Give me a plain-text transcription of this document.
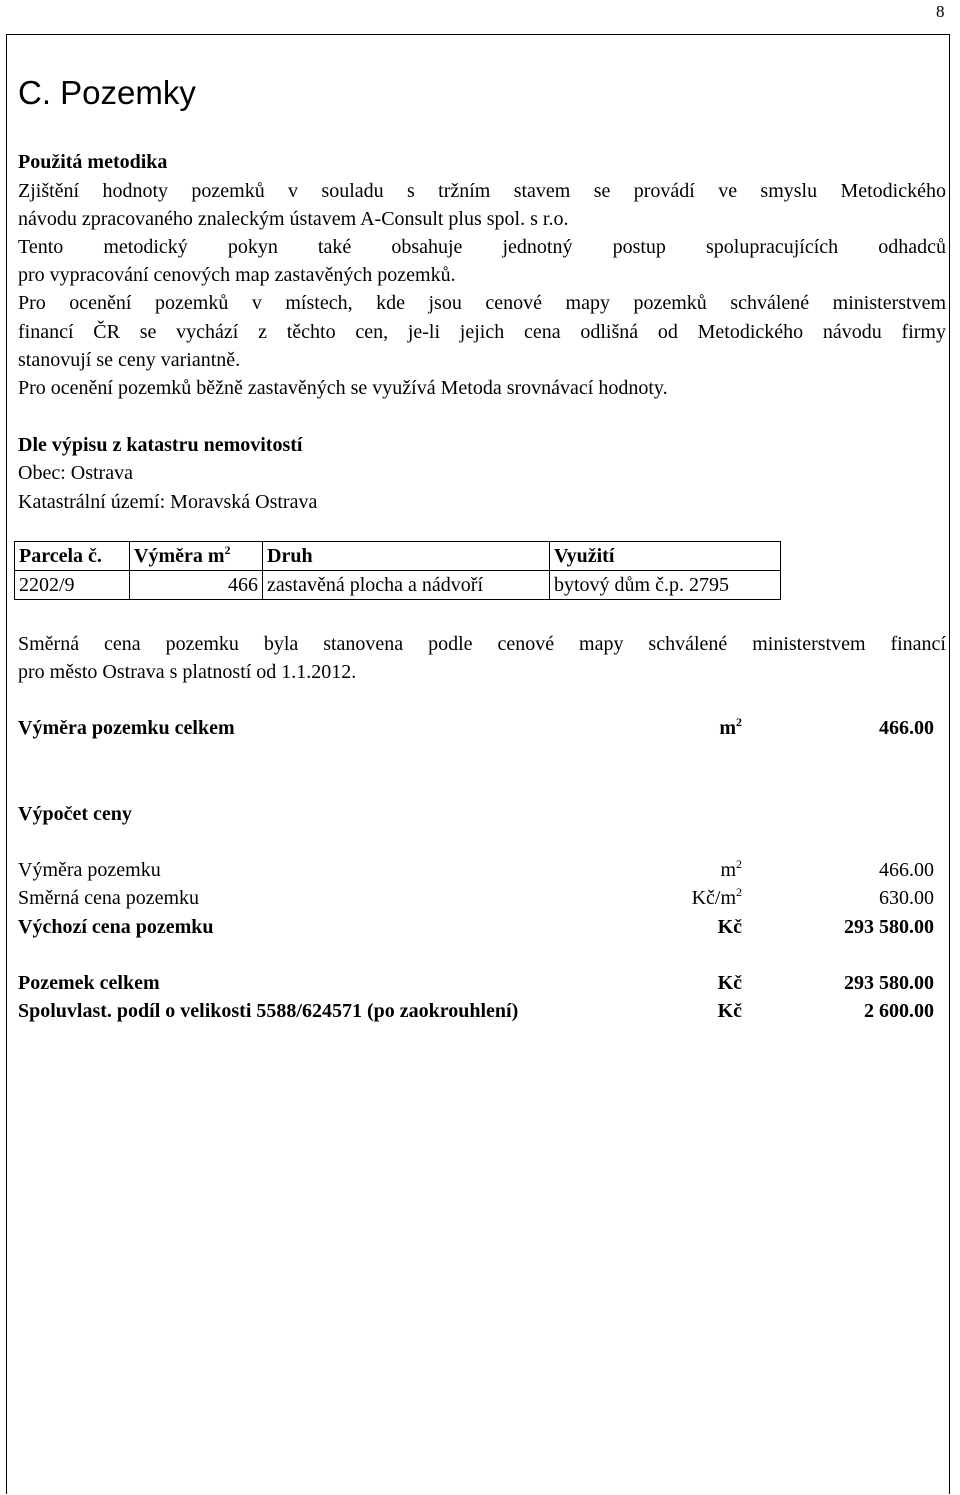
8
C. Pozemky
Použitá metodika
Zjištění hodnoty pozemků v souladu s tržním stavem se provádí ve smyslu Metodického
návodu zpracovaného znaleckým ústavem A-Consult plus spol. s r.o.
Tento metodický pokyn také obsahuje jednotný postup spolupracujících odhadců
pro vypracování cenových map zastavěných pozemků.
Pro ocenění pozemků v místech, kde jsou cenové mapy pozemků schválené ministerstvem
financí ČR se vychází z těchto cen, je-li jejich cena odlišná od Metodického návodu firmy
stanovují se ceny variantně.
Pro ocenění pozemků běžně zastavěných se využívá Metoda srovnávací hodnoty.
Dle výpisu z katastru nemovitostí
Obec: Ostrava
Katastrální území: Moravská Ostrava
Parcela č.	Výměra $m^2$	Druh	Využití
2202/9	466	zastavěná plocha a nádvoří	bytový dům č.p. 2795
Směrná cena pozemku byla stanovena podle cenové mapy schválené ministerstvem financí
pro město Ostrava s platností od 1.1.2012.
Výměra pozemku celkem	$m^2$	466.00
Výpočet ceny
Výměra pozemku	$m^2$	466.00
Směrná cena pozemku	$Kč/m^2$	630.00
Výchozí cena pozemku	Kč	293 580.00
Pozemek celkem	Kč	293 580.00
Spoluvlast. podíl o velikosti 5588/624571 (po zaokrouhlení)	Kč	2 600.00
